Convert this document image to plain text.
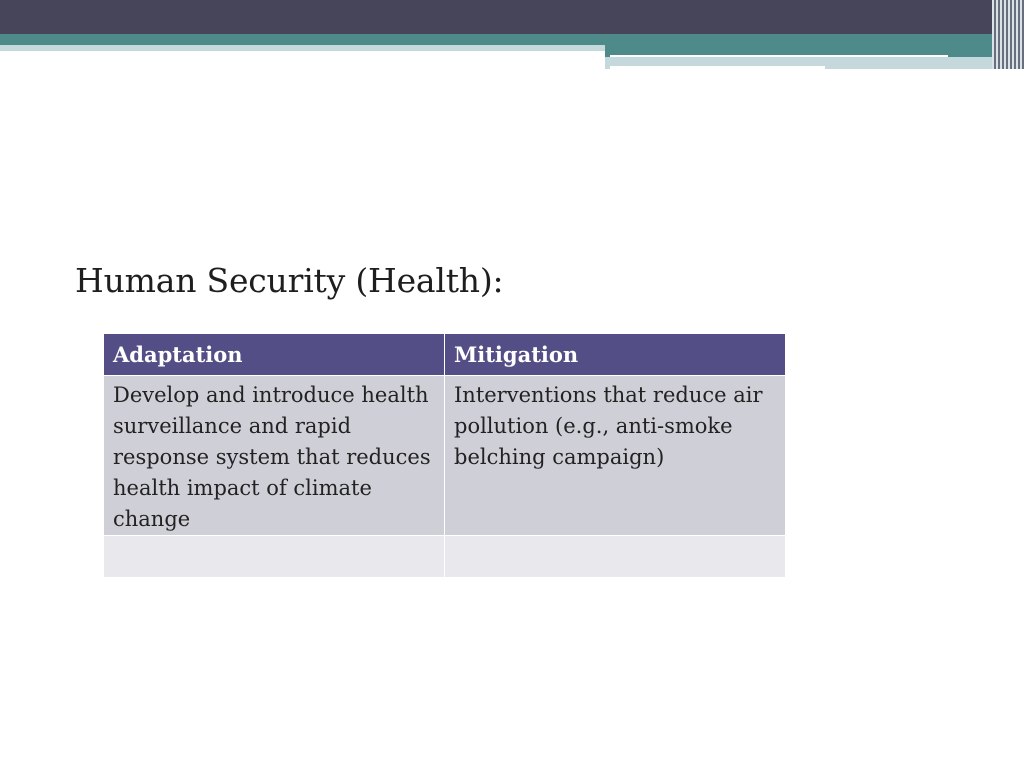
Human Security (Health):
Adaptation	Mitigation
Develop and introduce health surveillance and rapid response system that reduces health impact of climate change	Interventions that reduce air pollution (e.g., anti-smoke belching campaign)
